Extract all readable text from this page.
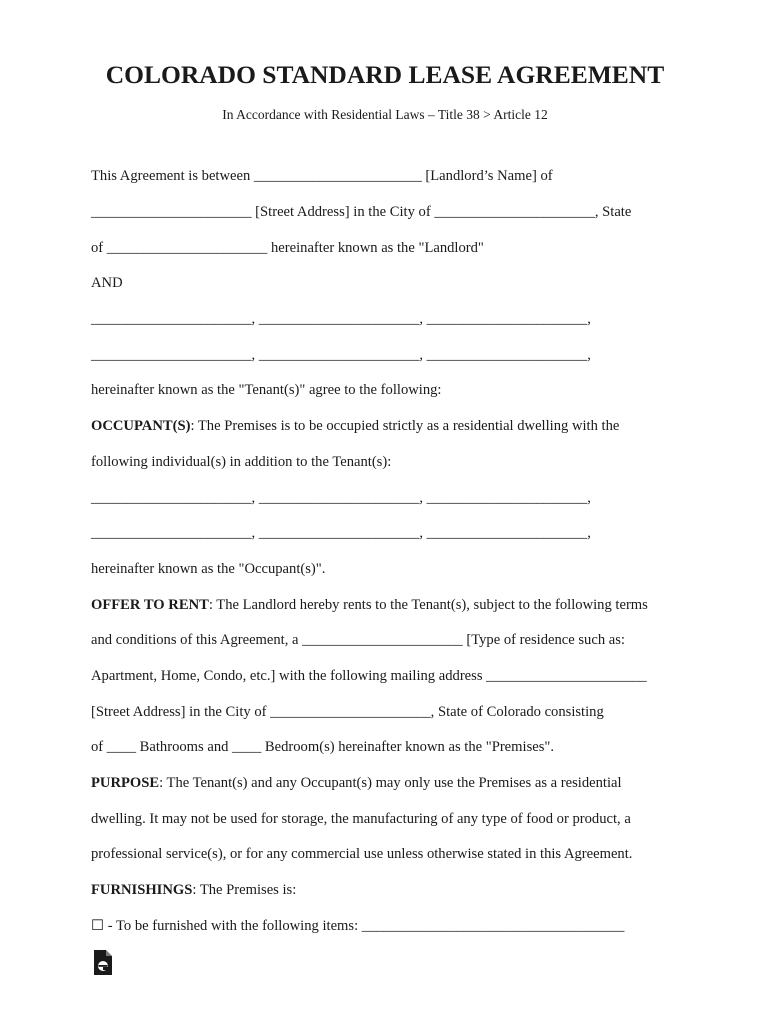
COLORADO STANDARD LEASE AGREEMENT
In Accordance with Residential Laws – Title 38 > Article 12
This Agreement is between _______________________ [Landlord’s Name] of
______________________ [Street Address] in the City of ______________________, State
of ______________________ hereinafter known as the "Landlord"
AND
______________________, ______________________, ______________________,
______________________, ______________________, ______________________,
hereinafter known as the "Tenant(s)" agree to the following:
OCCUPANT(S): The Premises is to be occupied strictly as a residential dwelling with the
following individual(s) in addition to the Tenant(s):
______________________, ______________________, ______________________,
______________________, ______________________, ______________________,
hereinafter known as the "Occupant(s)".
OFFER TO RENT: The Landlord hereby rents to the Tenant(s), subject to the following terms
and conditions of this Agreement, a ______________________ [Type of residence such as:
Apartment, Home, Condo, etc.] with the following mailing address ______________________
[Street Address] in the City of ______________________, State of Colorado consisting
of ____ Bathrooms and ____ Bedroom(s) hereinafter known as the "Premises".
PURPOSE: The Tenant(s) and any Occupant(s) may only use the Premises as a residential
dwelling. It may not be used for storage, the manufacturing of any type of food or product, a
professional service(s), or for any commercial use unless otherwise stated in this Agreement.
FURNISHINGS: The Premises is:
☐ - To be furnished with the following items: ____________________________________
